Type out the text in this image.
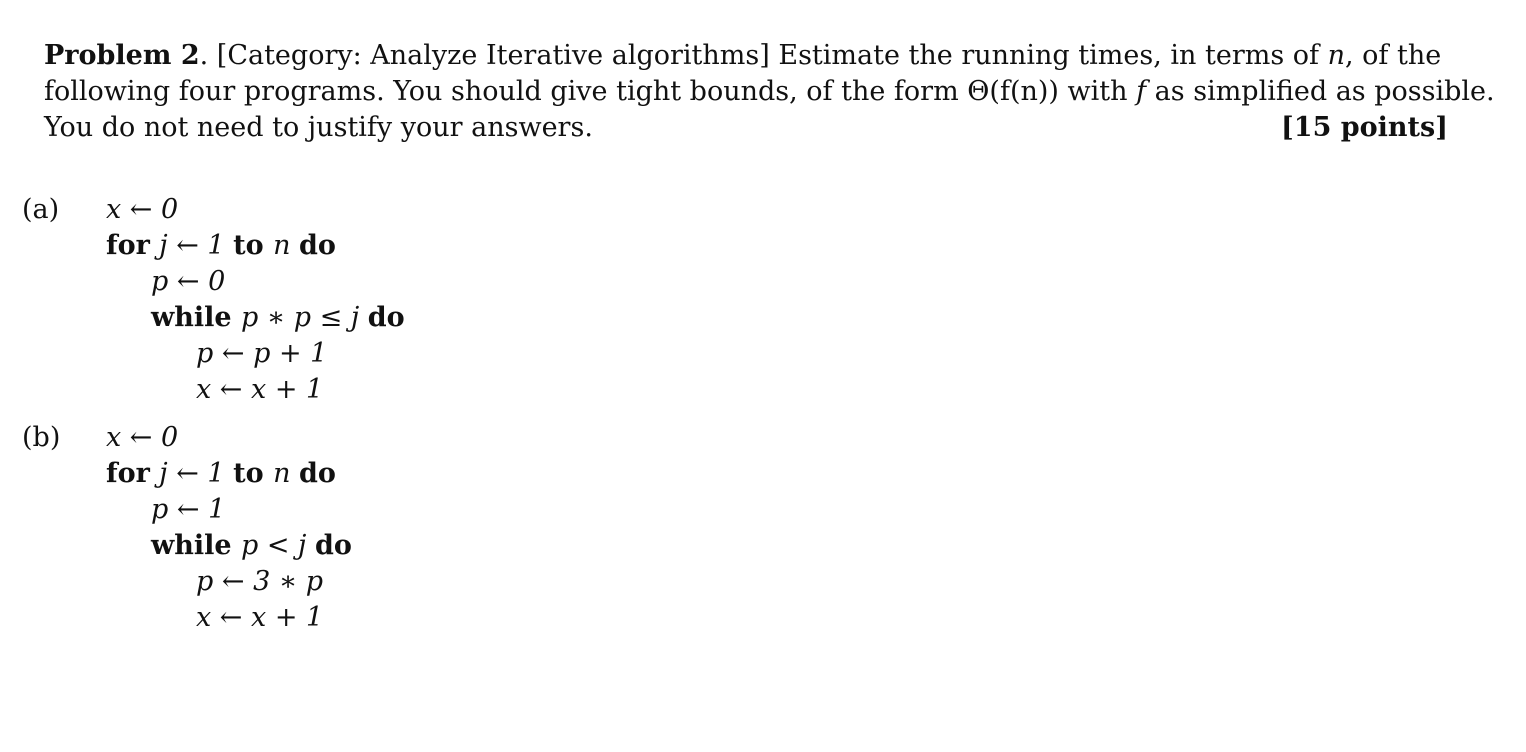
Problem 2. [Category: Analyze Iterative algorithms] Estimate the running times, in terms of n, of the
following four programs. You should give tight bounds, of the form Θ(f(n)) with f as simplified as possible.
You do not need to justify your answers.	[15 points]
(a)	x ← 0
for j ← 1 to n do
p ← 0
while p ∗ p ≤ j do
p ← p + 1
x ← x + 1
(b)	x ← 0
for j ← 1 to n do
p ← 1
while p < j do
p ← 3 ∗ p
x ← x + 1
